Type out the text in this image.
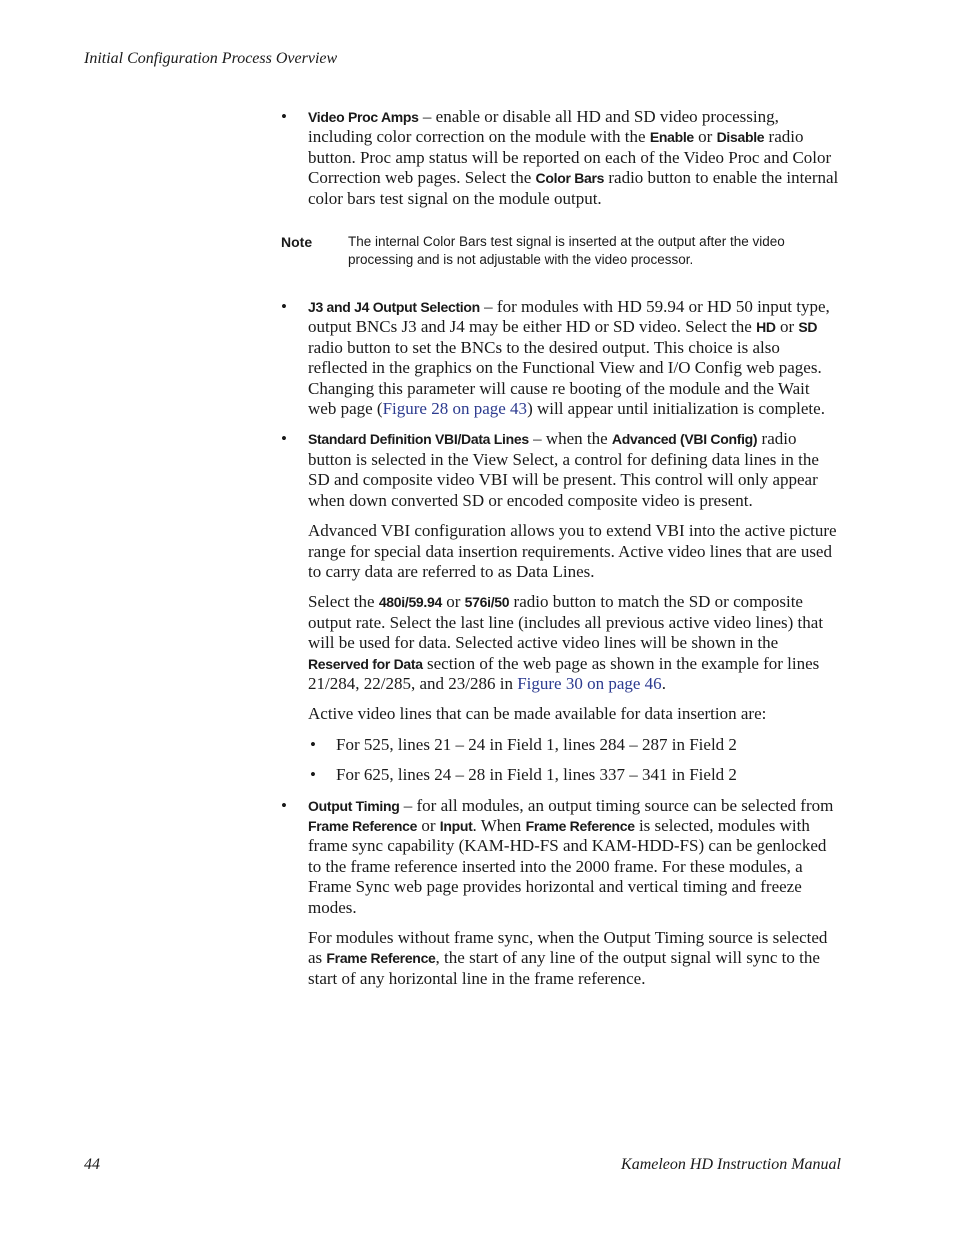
Initial Configuration Process Overview
• Video Proc Amps – enable or disable all HD and SD video processing, including color correction on the module with the Enable or Disable radio button. Proc amp status will be reported on each of the Video Proc and Color Correction web pages. Select the Color Bars radio button to enable the internal color bars test signal on the module output.
Note	The internal Color Bars test signal is inserted at the output after the video processing and is not adjustable with the video processor.
• J3 and J4 Output Selection – for modules with HD 59.94 or HD 50 input type, output BNCs J3 and J4 may be either HD or SD video. Select the HD or SD radio button to set the BNCs to the desired output. This choice is also reflected in the graphics on the Functional View and I/O Config web pages. Changing this parameter will cause re booting of the module and the Wait web page (Figure 28 on page 43) will appear until initialization is complete.
• Standard Definition VBI/Data Lines – when the Advanced (VBI Config) radio button is selected in the View Select, a control for defining data lines in the SD and composite video VBI will be present. This control will only appear when down converted SD or encoded composite video is present.

Advanced VBI configuration allows you to extend VBI into the active picture range for special data insertion requirements. Active video lines that are used to carry data are referred to as Data Lines.

Select the 480i/59.94 or 576i/50 radio button to match the SD or composite output rate. Select the last line (includes all previous active video lines) that will be used for data. Selected active video lines will be shown in the Reserved for Data section of the web page as shown in the example for lines 21/284, 22/285, and 23/286 in Figure 30 on page 46.

Active video lines that can be made available for data insertion are:

• For 525, lines 21 – 24 in Field 1, lines 284 – 287 in Field 2
• For 625, lines 24 – 28 in Field 1, lines 337 – 341 in Field 2
• Output Timing – for all modules, an output timing source can be selected from Frame Reference or Input. When Frame Reference is selected, modules with frame sync capability (KAM-HD-FS and KAM-HDD-FS) can be genlocked to the frame reference inserted into the 2000 frame. For these modules, a Frame Sync web page provides horizontal and vertical timing and freeze modes.

For modules without frame sync, when the Output Timing source is selected as Frame Reference, the start of any line of the output signal will sync to the start of any horizontal line in the frame reference.

44	Kameleon HD Instruction Manual
